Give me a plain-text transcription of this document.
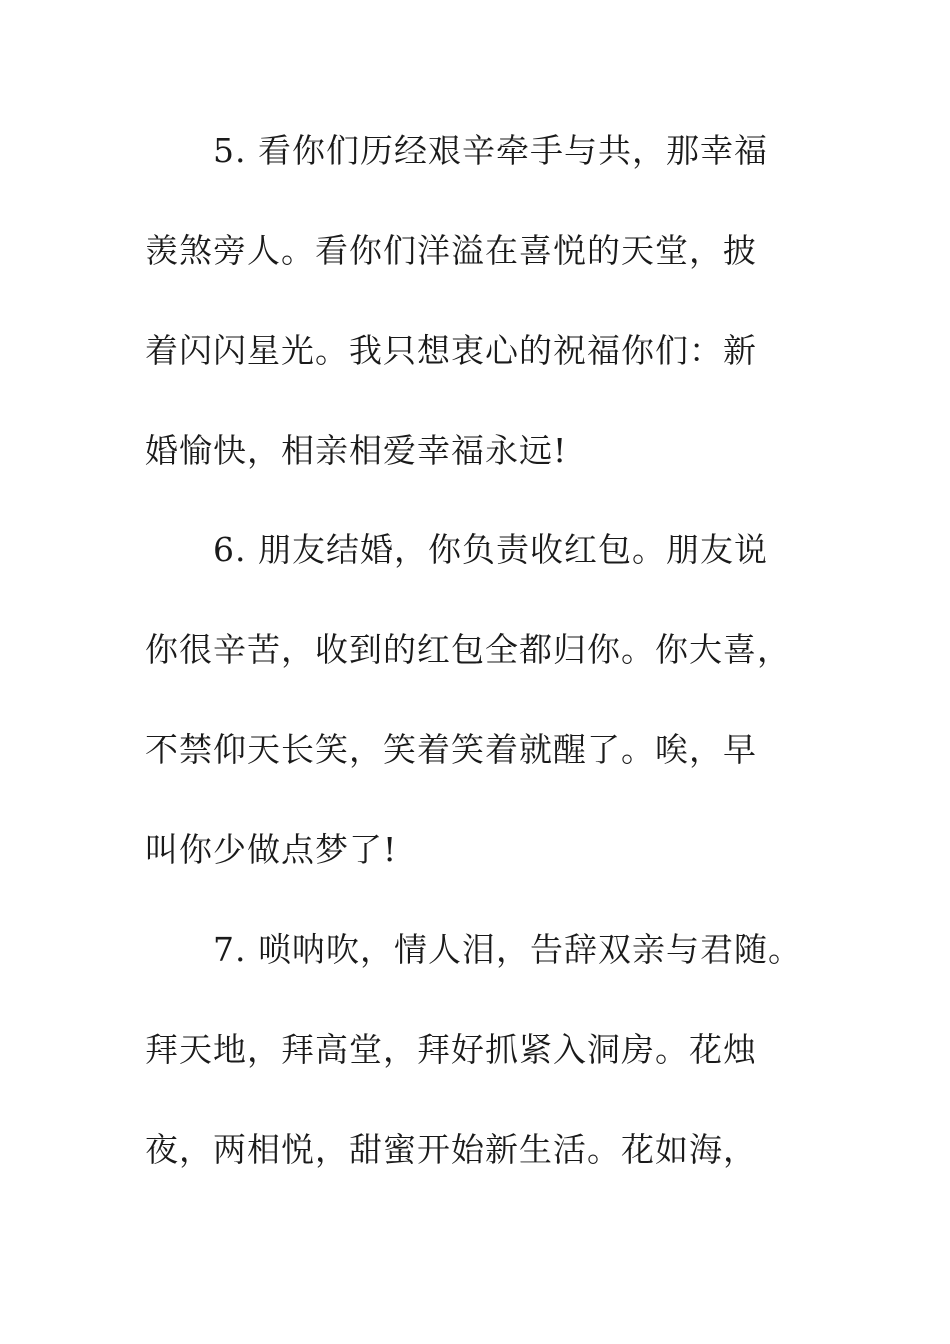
5. 看你们历经艰辛牵手与共，那幸福
羡煞旁人。看你们洋溢在喜悦的天堂，披
着闪闪星光。我只想衷心的祝福你们：新
婚愉快，相亲相爱幸福永远!
6. 朋友结婚，你负责收红包。朋友说
你很辛苦，收到的红包全都归你。你大喜，
不禁仰天长笑，笑着笑着就醒了。唉，早
叫你少做点梦了!
7. 唢呐吹，情人泪，告辞双亲与君随。
拜天地，拜高堂，拜好抓紧入洞房。花烛
夜，两相悦，甜蜜开始新生活。花如海，
